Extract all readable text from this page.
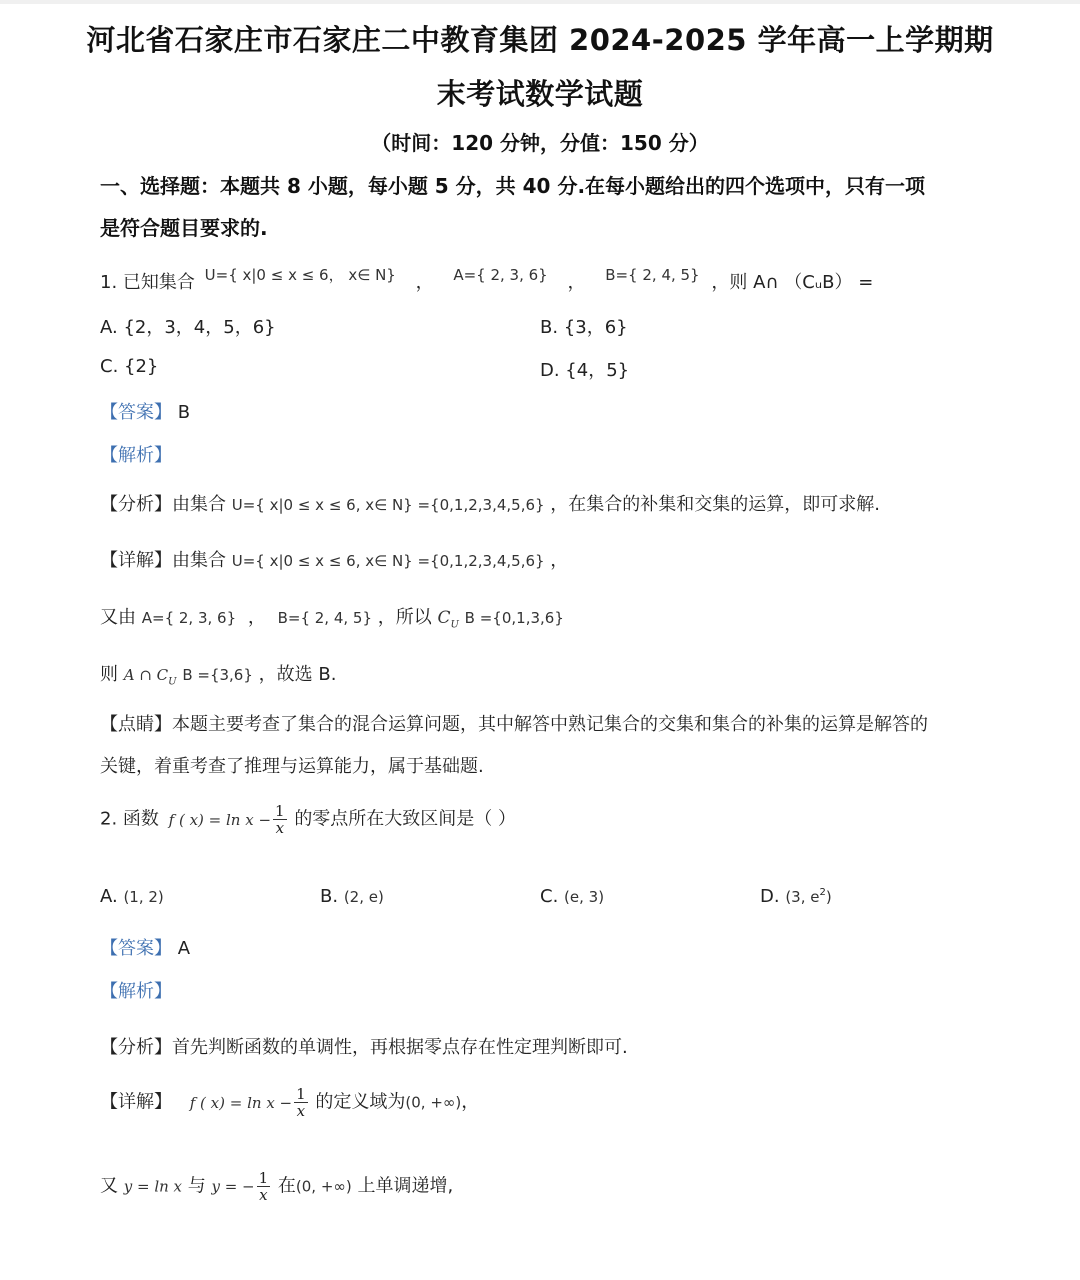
河北省石家庄市石家庄二中教育集团 2024-2025 学年高一上学期期
末考试数学试题
（时间：120 分钟，分值：150 分）
一、选择题：本题共 8 小题，每小题 5 分，共 40 分.在每小题给出的四个选项中，只有一项
是符合题目要求的.
1. 已知集合 $^{U=\{ x|0 \le x \le 6, x\in N\}}$ ， $^{A=\{ 2, 3, 6\}}$ ， $^{B=\{ 2, 4, 5\}}$ ，则 A∩ （CᵤB） =
A. {2，3，4，5，6}	B. {3，6}
C. {2}	D. {4，5}
【答案】 B
【解析】
【分析】由集合 U={ x|0 ≤ x ≤ 6, x∈ N} ={0,1,2,3,4,5,6} ，在集合的补集和交集的运算，即可求解.
【详解】由集合 U={ x|0 ≤ x ≤ 6, x∈ N} ={0,1,2,3,4,5,6} ，
又由 A={ 2, 3, 6} ， B={ 2, 4, 5} ，所以 $C_U$ B ={0,1,3,6}
则 A ∩ $C_U$ B ={3,6} ，故选 B.
【点睛】本题主要考查了集合的混合运算问题，其中解答中熟记集合的交集和集合的补集的运算是解答的
关键，着重考查了推理与运算能力，属于基础题.
2. 函数 f ( $x) = \ln x - \frac{1}{x}$ 的零点所在大致区间是（ ）
A. (1, 2)	B. (2, e)	C. (e, 3)	D. (3, $e^2$)
【答案】 A
【解析】
【分析】首先判断函数的单调性，再根据零点存在性定理判断即可.
【详解】 f ( $x) = \ln x - \frac{1}{x}$ 的定义域为(0, +∞)，
又 y = ln x 与 y = − $\frac{1}{x}$ 在(0, +∞) 上单调递增,
